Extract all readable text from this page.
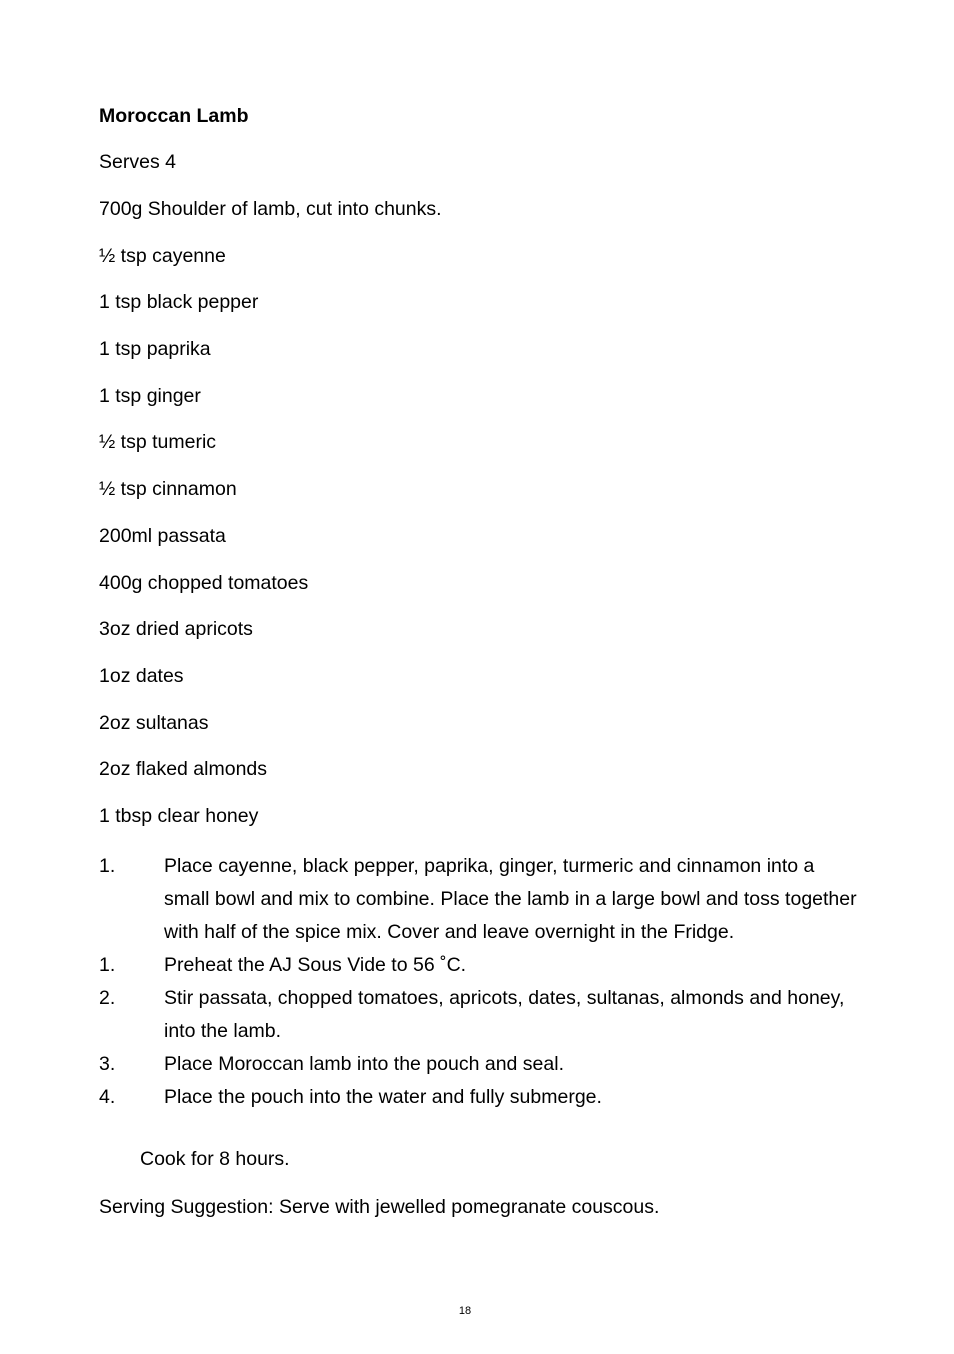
Moroccan Lamb
Serves 4
700g Shoulder of lamb, cut into chunks.
½ tsp cayenne
1 tsp black pepper
1 tsp paprika
1 tsp ginger
½ tsp tumeric
½ tsp cinnamon
200ml passata
400g chopped tomatoes
3oz dried apricots
1oz dates
2oz sultanas
2oz flaked almonds
1 tbsp clear honey
1.	Place cayenne, black pepper, paprika, ginger, turmeric and cinnamon into a small bowl and mix to combine. Place the lamb in a large bowl and toss together with half of the spice mix. Cover and leave overnight in the Fridge.
1.	Preheat the AJ Sous Vide to 56 ˚C.
2.	Stir passata, chopped tomatoes, apricots, dates, sultanas, almonds and honey, into the lamb.
3.	Place Moroccan lamb into the pouch and seal.
4.	Place the pouch into the water and fully submerge.
Cook for 8 hours.
Serving Suggestion: Serve with jewelled pomegranate couscous.
18
